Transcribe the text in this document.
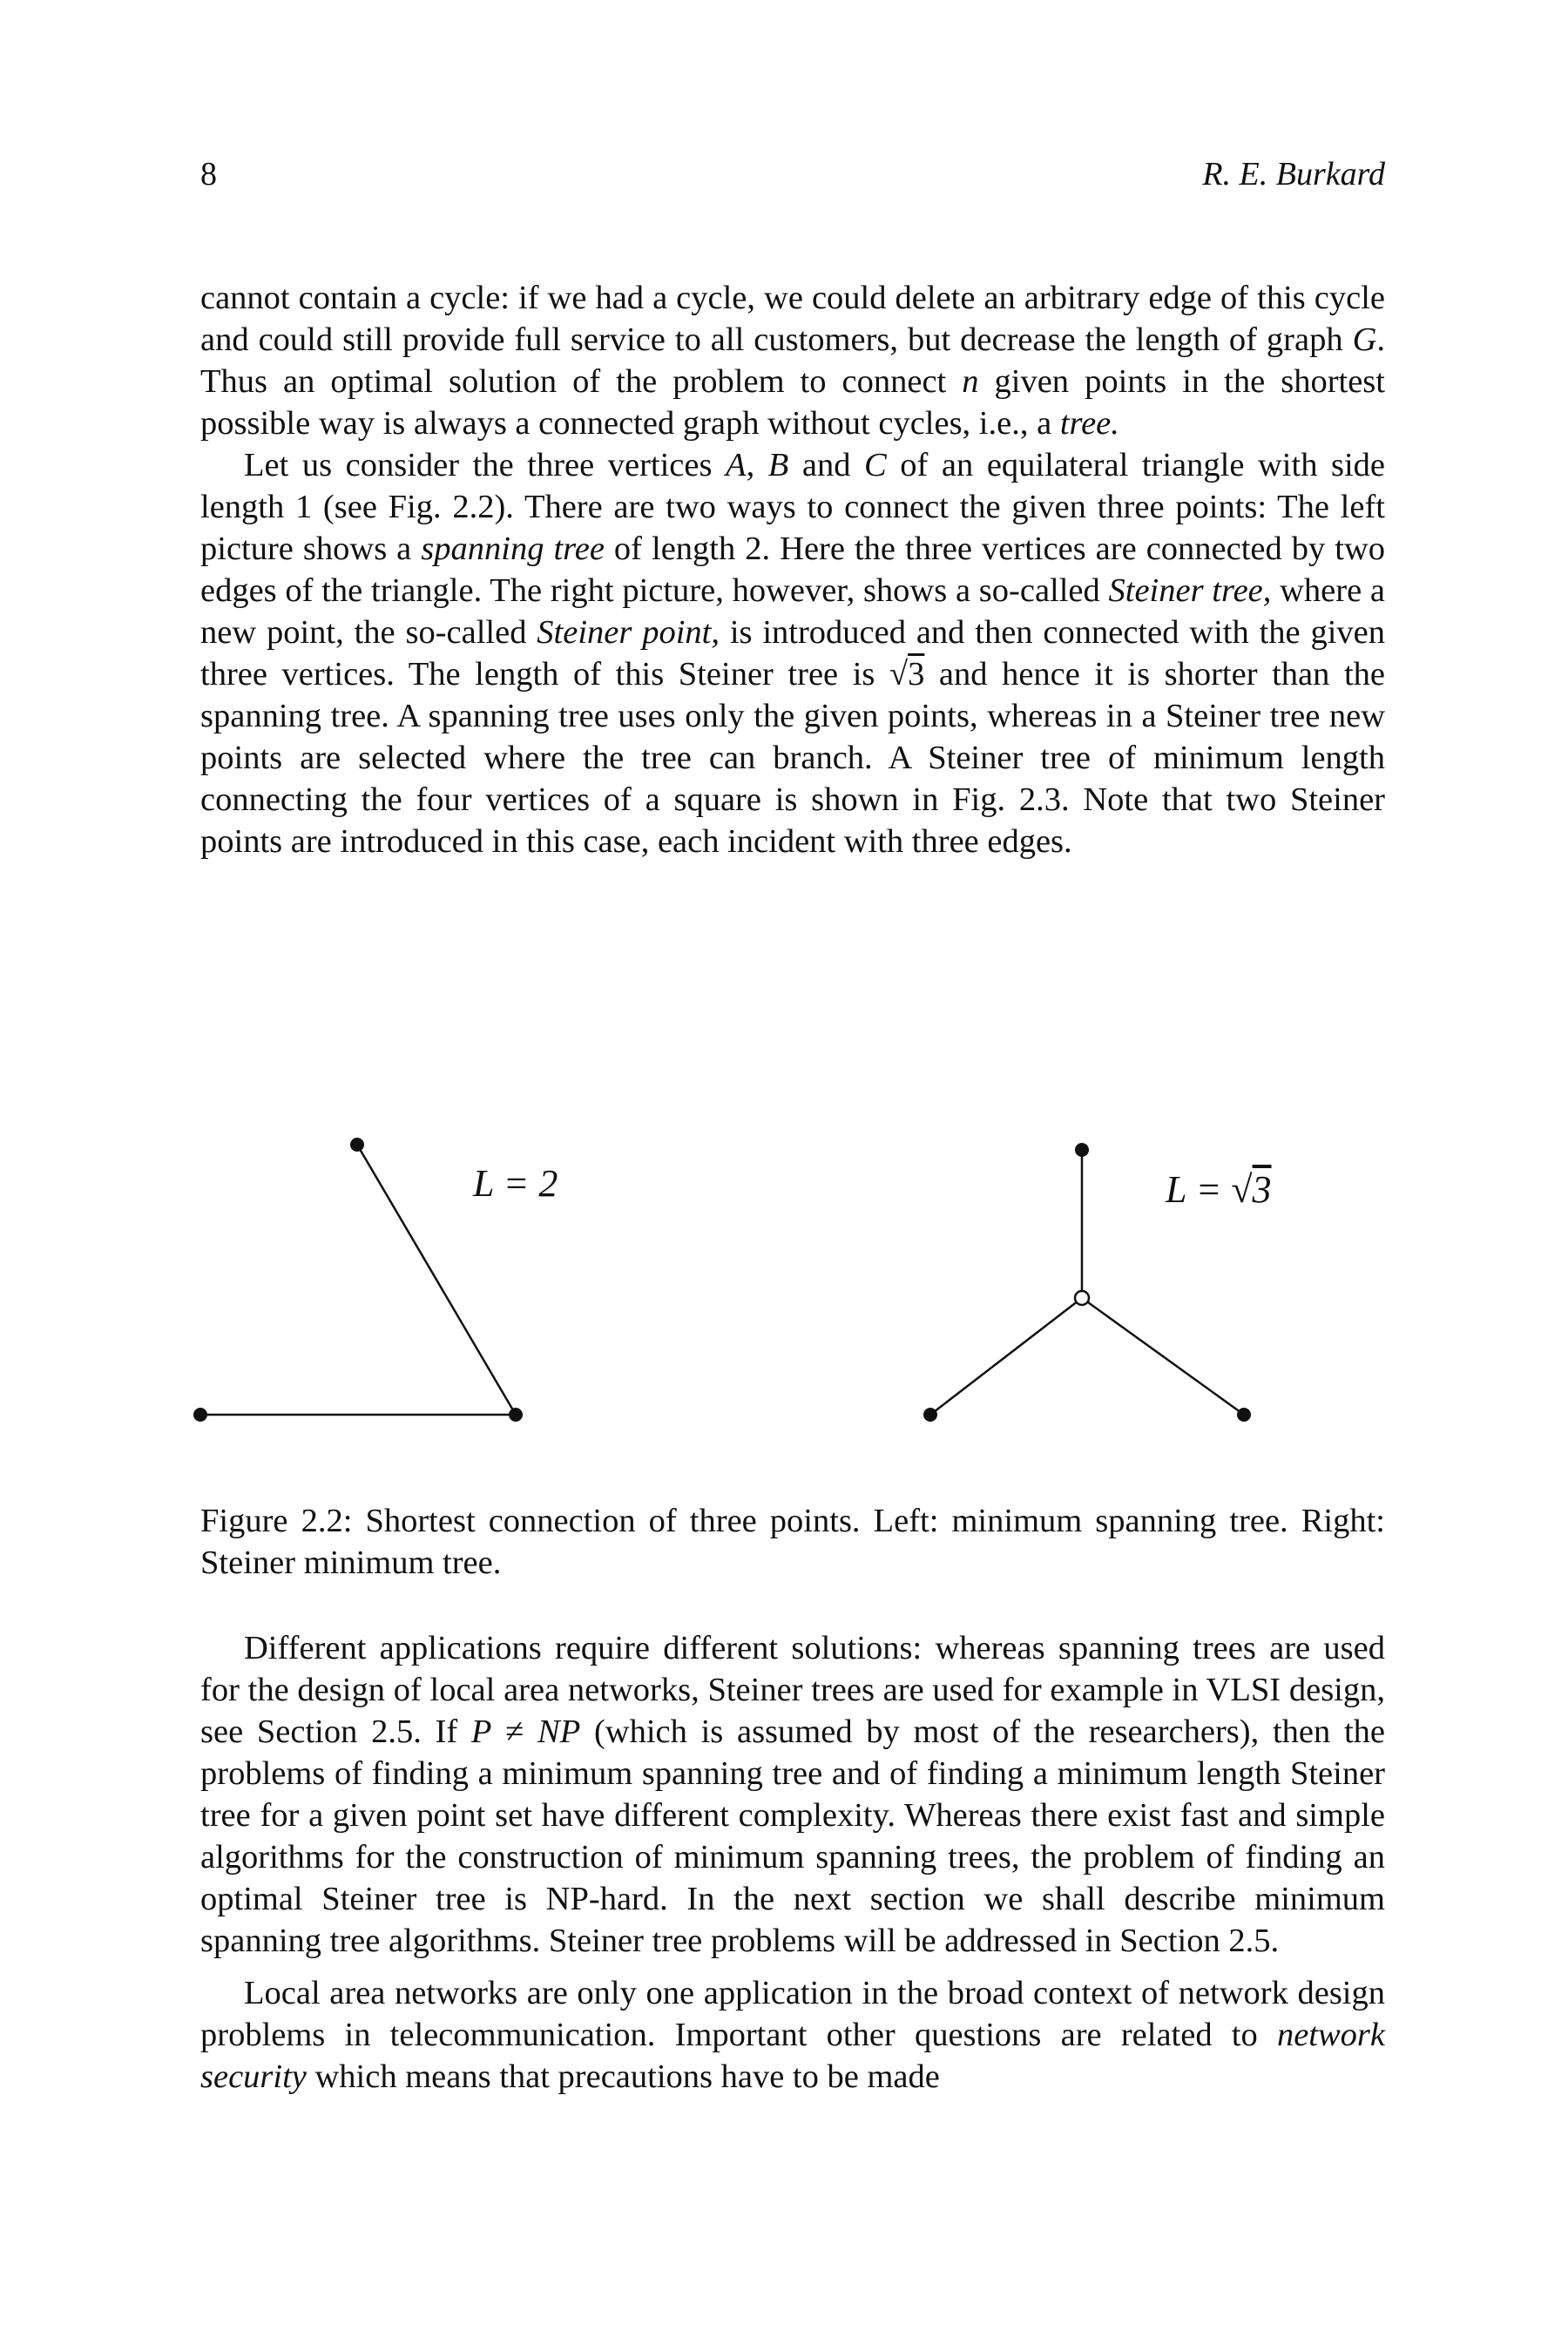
8	R. E. Burkard

cannot contain a cycle: if we had a cycle, we could delete an arbitrary edge of this cycle and could still provide full service to all customers, but decrease the length of graph G. Thus an optimal solution of the problem to connect n given points in the shortest possible way is always a connected graph without cycles, i.e., a tree.

Let us consider the three vertices A, B and C of an equilateral triangle with side length 1 (see Fig. 2.2). There are two ways to connect the given three points: The left picture shows a spanning tree of length 2. Here the three vertices are connected by two edges of the triangle. The right picture, however, shows a so-called Steiner tree, where a new point, the so-called Steiner point, is introduced and then connected with the given three vertices. The length of this Steiner tree is √3 and hence it is shorter than the spanning tree. A spanning tree uses only the given points, whereas in a Steiner tree new points are selected where the tree can branch. A Steiner tree of minimum length connecting the four vertices of a square is shown in Fig. 2.3. Note that two Steiner points are introduced in this case, each incident with three edges.

L = 2	L = √3
Figure 2.2: Shortest connection of three points. Left: minimum spanning tree. Right: Steiner minimum tree.

Different applications require different solutions: whereas spanning trees are used for the design of local area networks, Steiner trees are used for example in VLSI design, see Section 2.5. If P ≠ NP (which is assumed by most of the researchers), then the problems of finding a minimum spanning tree and of finding a minimum length Steiner tree for a given point set have different complexity. Whereas there exist fast and simple algorithms for the construction of minimum spanning trees, the problem of finding an optimal Steiner tree is NP-hard. In the next section we shall describe minimum spanning tree algorithms. Steiner tree problems will be addressed in Section 2.5.

Local area networks are only one application in the broad context of network design problems in telecommunication. Important other questions are related to network security which means that precautions have to be made
